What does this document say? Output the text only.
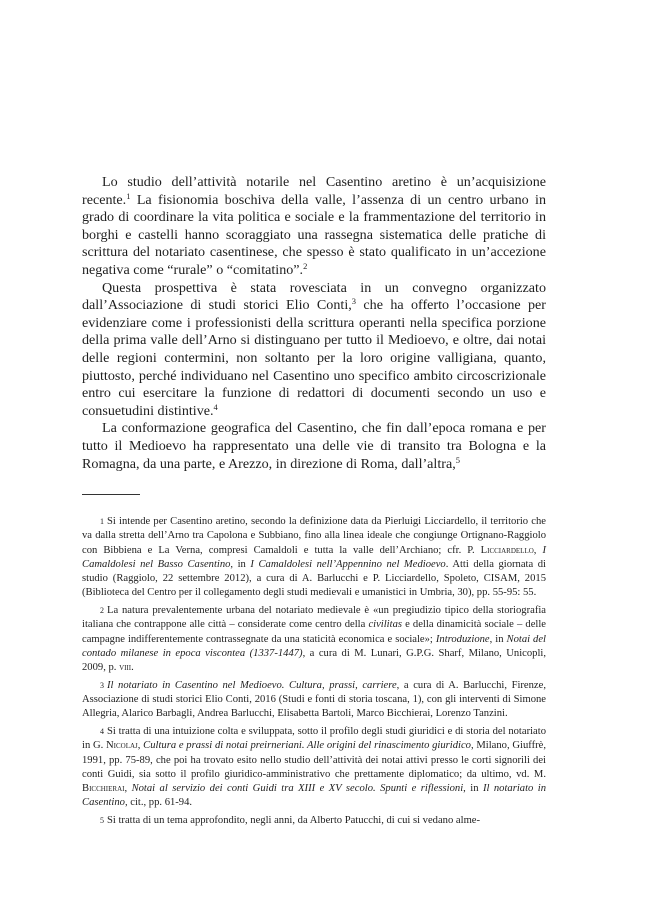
Lo studio dell’attività notarile nel Casentino aretino è un’acquisizione recente.$^1$ La fisionomia boschiva della valle, l’assenza di un centro urbano in grado di coordinare la vita politica e sociale e la frammentazione del territorio in borghi e castelli hanno scoraggiato una rassegna sistematica delle pratiche di scrittura del notariato casentinese, che spesso è stato qualificato in un’accezione negativa come “rurale” o “comitatino”.$^2$

Questa prospettiva è stata rovesciata in un convegno organizzato dall’Associazione di studi storici Elio Conti,$^3$ che ha offerto l’occasione per evidenziare come i professionisti della scrittura operanti nella specifica porzione della prima valle dell’Arno si distinguano per tutto il Medioevo, e oltre, dai notai delle regioni contermini, non soltanto per la loro origine valligiana, quanto, piuttosto, perché individuano nel Casentino uno specifico ambito circoscrizionale entro cui esercitare la funzione di redattori di documenti secondo un uso e consuetudini distintive.$^4$

La conformazione geografica del Casentino, che fin dall’epoca romana e per tutto il Medioevo ha rappresentato una delle vie di transito tra Bologna e la Romagna, da una parte, e Arezzo, in direzione di Roma, dall’altra,$^5$

1 Si intende per Casentino aretino, secondo la definizione data da Pierluigi Licciardello, il territorio che va dalla stretta dell’Arno tra Capolona e Subbiano, fino alla linea ideale che congiunge Ortignano-Raggiolo con Bibbiena e La Verna, compresi Camaldoli e tutta la valle dell’Archiano; cfr. P. Licciardello, I Camaldolesi nel Basso Casentino, in I Camaldolesi nell’Appennino nel Medioevo. Atti della giornata di studio (Raggiolo, 22 settembre 2012), a cura di A. Barlucchi e P. Licciardello, Spoleto, CISAM, 2015 (Biblioteca del Centro per il collegamento degli studi medievali e umanistici in Umbria, 30), pp. 55-95: 55.

2 La natura prevalentemente urbana del notariato medievale è «un pregiudizio tipico della storiografia italiana che contrappone alle città – considerate come centro della civilitas e della dinamicità sociale – delle campagne indifferentemente contrassegnate da una staticità economica e sociale»; Introduzione, in Notai del contado milanese in epoca viscontea (1337-1447), a cura di M. Lunari, G.P.G. Sharf, Milano, Unicopli, 2009, p. viii.

3 Il notariato in Casentino nel Medioevo. Cultura, prassi, carriere, a cura di A. Barlucchi, Firenze, Associazione di studi storici Elio Conti, 2016 (Studi e fonti di storia toscana, 1), con gli interventi di Simone Allegria, Alarico Barbagli, Andrea Barlucchi, Elisabetta Bartoli, Marco Bicchierai, Lorenzo Tanzini.

4 Si tratta di una intuizione colta e sviluppata, sotto il profilo degli studi giuridici e di storia del notariato in G. Nicolaj, Cultura e prassi di notai preirneriani. Alle origini del rinascimento giuridico, Milano, Giuffrè, 1991, pp. 75-89, che poi ha trovato esito nello studio dell’attività dei notai attivi presso le corti signorili dei conti Guidi, sia sotto il profilo giuridico-amministrativo che prettamente diplomatico; da ultimo, vd. M. Bicchierai, Notai al servizio dei conti Guidi tra XIII e XV secolo. Spunti e riflessioni, in Il notariato in Casentino, cit., pp. 61-94.

5 Si tratta di un tema approfondito, negli anni, da Alberto Patucchi, di cui si vedano alme-
